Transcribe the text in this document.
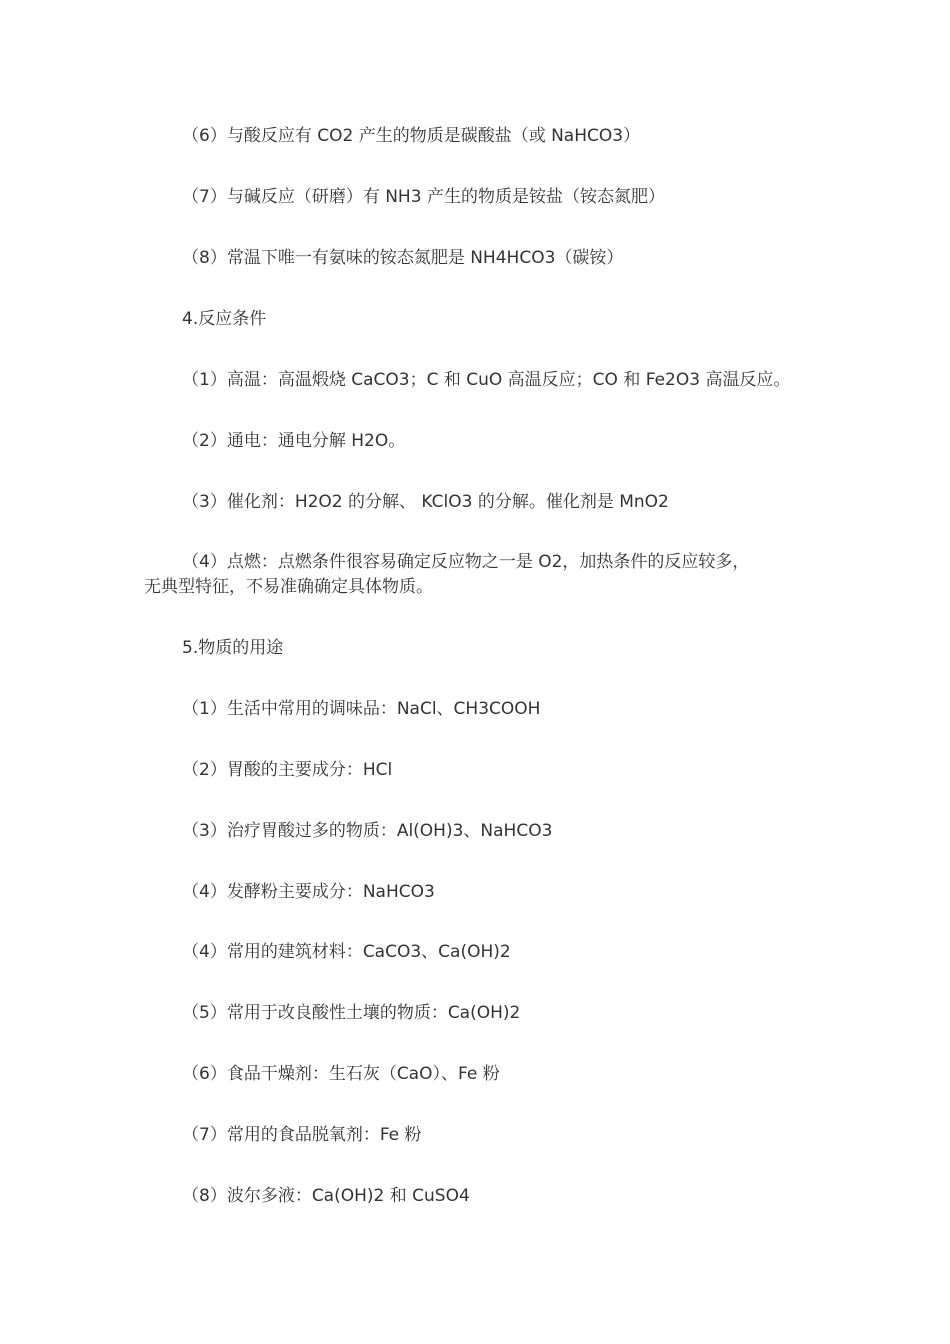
（6）与酸反应有 CO2 产生的物质是碳酸盐（或 NaHCO3）
（7）与碱反应（研磨）有 NH3 产生的物质是铵盐（铵态氮肥）
（8）常温下唯一有氨味的铵态氮肥是 NH4HCO3（碳铵）
4.反应条件
（1）高温：高温煅烧 CaCO3；C 和 CuO 高温反应；CO 和 Fe2O3 高温反应。
（2）通电：通电分解 H2O。
（3）催化剂：H2O2 的分解、 KClO3 的分解。催化剂是 MnO2
（4）点燃：点燃条件很容易确定反应物之一是 O2，加热条件的反应较多，
无典型特征，不易准确确定具体物质。
5.物质的用途
（1）生活中常用的调味品：NaCl、CH3COOH
（2）胃酸的主要成分：HCl
（3）治疗胃酸过多的物质：Al(OH)3、NaHCO3
（4）发酵粉主要成分：NaHCO3
（4）常用的建筑材料：CaCO3、Ca(OH)2
（5）常用于改良酸性土壤的物质：Ca(OH)2
（6）食品干燥剂：生石灰（CaO）、Fe 粉
（7）常用的食品脱氧剂：Fe 粉
（8）波尔多液：Ca(OH)2 和 CuSO4
